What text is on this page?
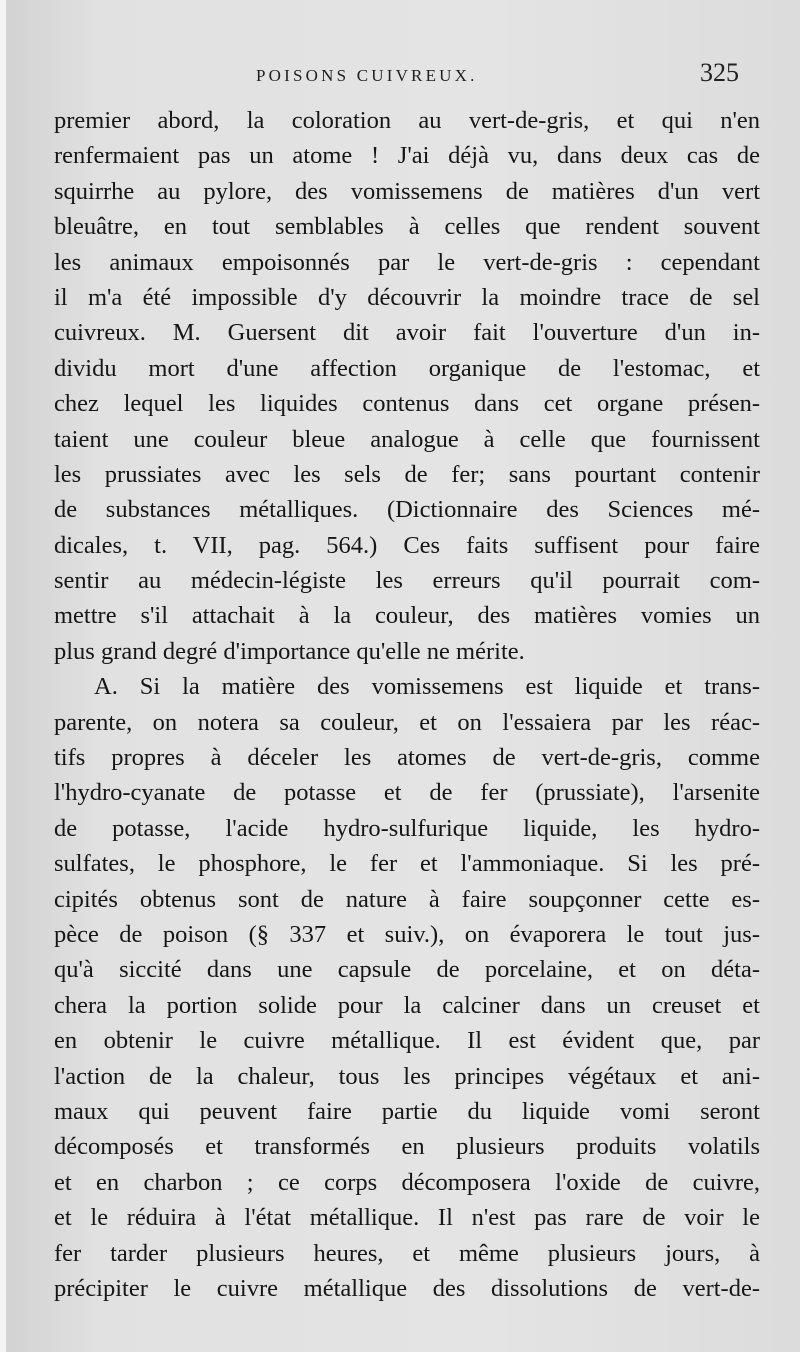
POISONS CUIVREUX.	325
premier abord, la coloration au vert-de-gris, et qui n'en
renfermaient pas un atome ! J'ai déjà vu, dans deux cas de
squirrhe au pylore, des vomissemens de matières d'un vert
bleuâtre, en tout semblables à celles que rendent souvent
les animaux empoisonnés par le vert-de-gris : cependant
il m'a été impossible d'y découvrir la moindre trace de sel
cuivreux. M. Guersent dit avoir fait l'ouverture d'un in-
dividu mort d'une affection organique de l'estomac, et
chez lequel les liquides contenus dans cet organe présen-
taient une couleur bleue analogue à celle que fournissent
les prussiates avec les sels de fer; sans pourtant contenir
de substances métalliques. (Dictionnaire des Sciences mé-
dicales, t. VII, pag. 564.) Ces faits suffisent pour faire
sentir au médecin-légiste les erreurs qu'il pourrait com-
mettre s'il attachait à la couleur, des matières vomies un
plus grand degré d'importance qu'elle ne mérite.
A. Si la matière des vomissemens est liquide et trans-
parente, on notera sa couleur, et on l'essaiera par les réac-
tifs propres à déceler les atomes de vert-de-gris, comme
l'hydro-cyanate de potasse et de fer (prussiate), l'arsenite
de potasse, l'acide hydro-sulfurique liquide, les hydro-
sulfates, le phosphore, le fer et l'ammoniaque. Si les pré-
cipités obtenus sont de nature à faire soupçonner cette es-
pèce de poison (§ 337 et suiv.), on évaporera le tout jus-
qu'à siccité dans une capsule de porcelaine, et on déta-
chera la portion solide pour la calciner dans un creuset et
en obtenir le cuivre métallique. Il est évident que, par
l'action de la chaleur, tous les principes végétaux et ani-
maux qui peuvent faire partie du liquide vomi seront
décomposés et transformés en plusieurs produits volatils
et en charbon ; ce corps décomposera l'oxide de cuivre,
et le réduira à l'état métallique. Il n'est pas rare de voir le
fer tarder plusieurs heures, et même plusieurs jours, à
précipiter le cuivre métallique des dissolutions de vert-de-
